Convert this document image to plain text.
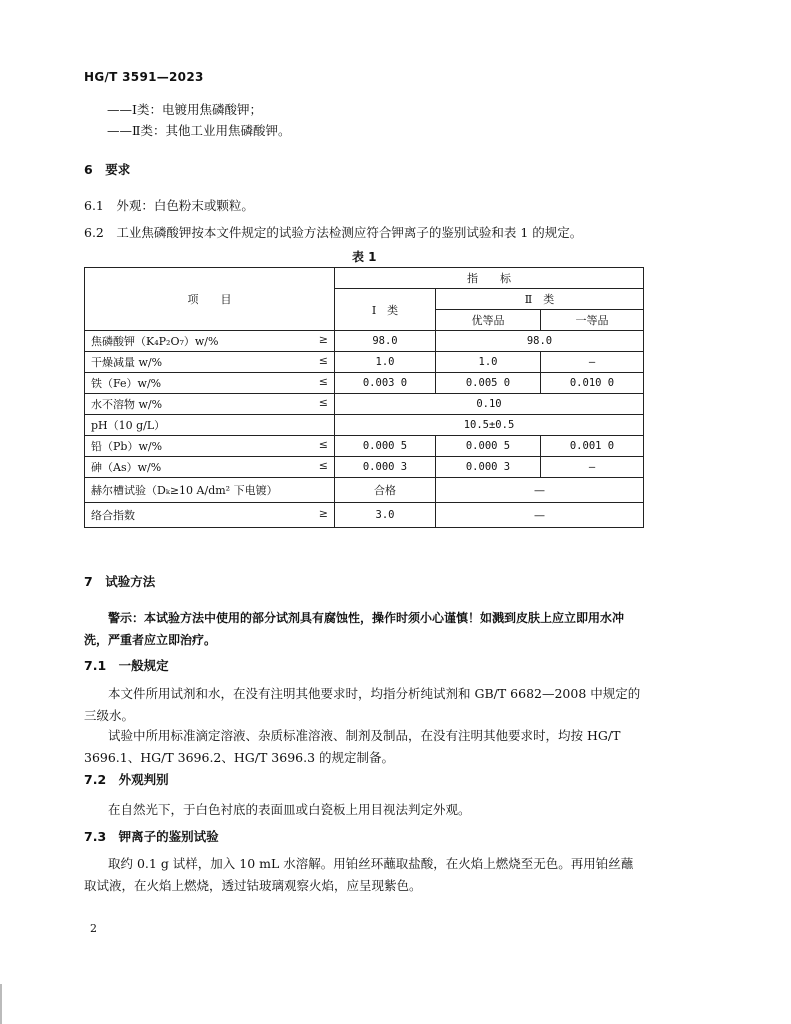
HG/T 3591—2023
——Ⅰ类：电镀用焦磷酸钾；
——Ⅱ类：其他工业用焦磷酸钾。
6　要求
6.1　外观：白色粉末或颗粒。
6.2　工业焦磷酸钾按本文件规定的试验方法检测应符合钾离子的鉴别试验和表 1 的规定。
表 1
项　　目	指　　标		
	Ⅰ　类	Ⅱ　类	
		优等品	一等品

焦磷酸钾（K₄P₂O₇）w/% ≥	98.0	98.0	

干燥减量 w/% ≤	1.0	1.0	—

铁（Fe）w/% ≤	0.003 0	0.005 0	0.010 0

水不溶物 w/% ≤	0.10		

pH（10 g/L）	10.5±0.5		

铅（Pb）w/% ≤	0.000 5	0.000 5	0.001 0

砷（As）w/% ≤	0.000 3	0.000 3	—

赫尔槽试验（Dₖ≥10 A/dm² 下电镀）	合格	—	

络合指数 ≥	3.0	—	
7　试验方法
警示：本试验方法中使用的部分试剂具有腐蚀性，操作时须小心谨慎！如溅到皮肤上应立即用水冲洗，严重者应立即治疗。
7.1　一般规定
本文件所用试剂和水，在没有注明其他要求时，均指分析纯试剂和 GB/T 6682—2008 中规定的三级水。
试验中所用标准滴定溶液、杂质标准溶液、制剂及制品，在没有注明其他要求时，均按 HG/T 3696.1、HG/T 3696.2、HG/T 3696.3 的规定制备。
7.2　外观判别
在自然光下，于白色衬底的表面皿或白瓷板上用目视法判定外观。
7.3　钾离子的鉴别试验
取约 0.1 g 试样，加入 10 mL 水溶解。用铂丝环蘸取盐酸，在火焰上燃烧至无色。再用铂丝蘸取试液，在火焰上燃烧，透过钴玻璃观察火焰，应呈现紫色。
2
